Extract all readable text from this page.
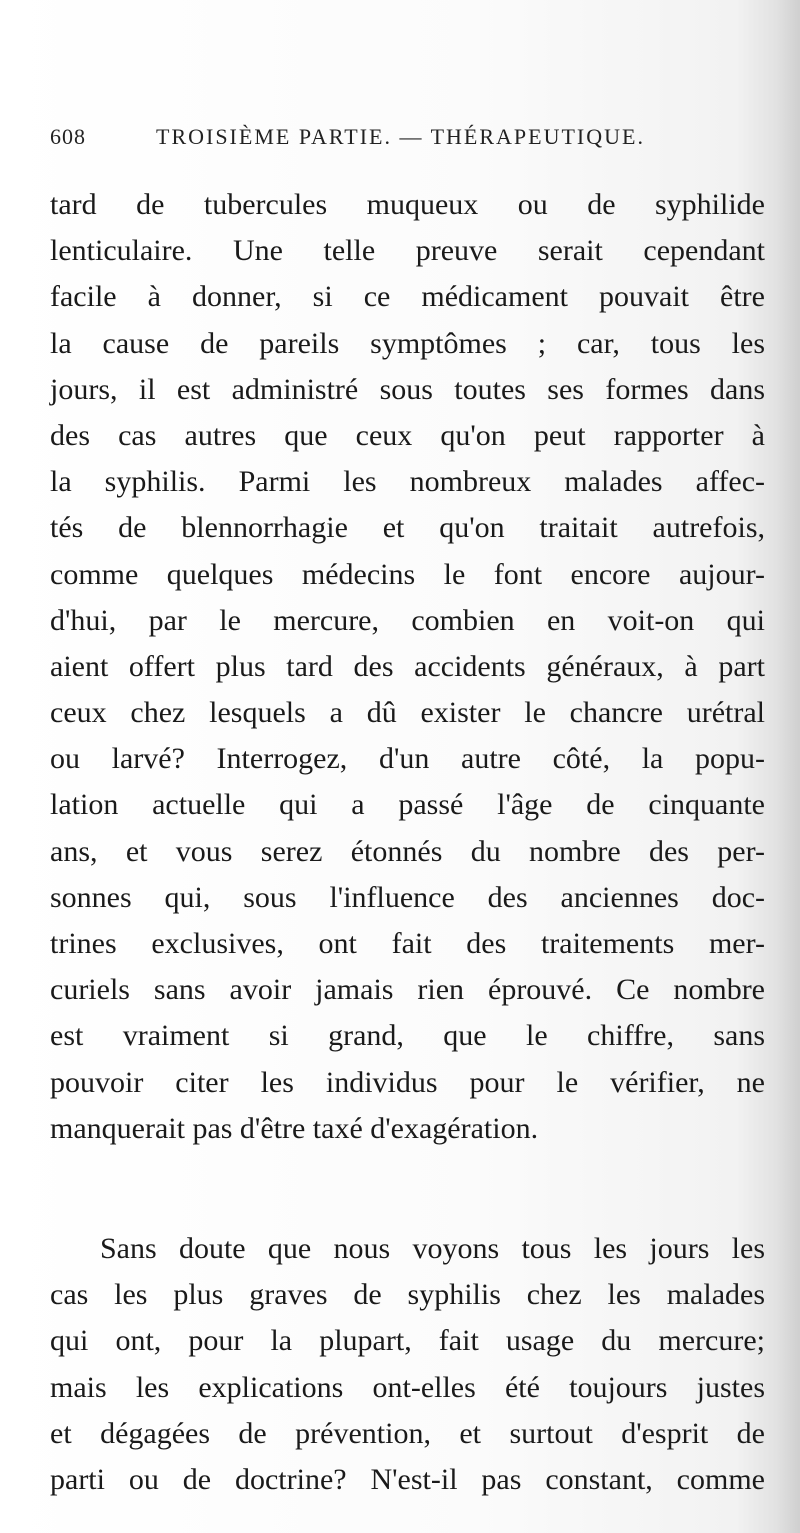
608	TROISIÈME PARTIE. — THÉRAPEUTIQUE.
tard de tubercules muqueux ou de syphilide
lenticulaire. Une telle preuve serait cependant
facile à donner, si ce médicament pouvait être
la cause de pareils symptômes ; car, tous les
jours, il est administré sous toutes ses formes dans
des cas autres que ceux qu'on peut rapporter à
la syphilis. Parmi les nombreux malades affec-
tés de blennorrhagie et qu'on traitait autrefois,
comme quelques médecins le font encore aujour-
d'hui, par le mercure, combien en voit-on qui
aient offert plus tard des accidents généraux, à part
ceux chez lesquels a dû exister le chancre urétral
ou larvé? Interrogez, d'un autre côté, la popu-
lation actuelle qui a passé l'âge de cinquante
ans, et vous serez étonnés du nombre des per-
sonnes qui, sous l'influence des anciennes doc-
trines exclusives, ont fait des traitements mer-
curiels sans avoir jamais rien éprouvé. Ce nombre
est vraiment si grand, que le chiffre, sans
pouvoir citer les individus pour le vérifier, ne
manquerait pas d'être taxé d'exagération.
Sans doute que nous voyons tous les jours les
cas les plus graves de syphilis chez les malades
qui ont, pour la plupart, fait usage du mercure;
mais les explications ont-elles été toujours justes
et dégagées de prévention, et surtout d'esprit de
parti ou de doctrine? N'est-il pas constant, comme
